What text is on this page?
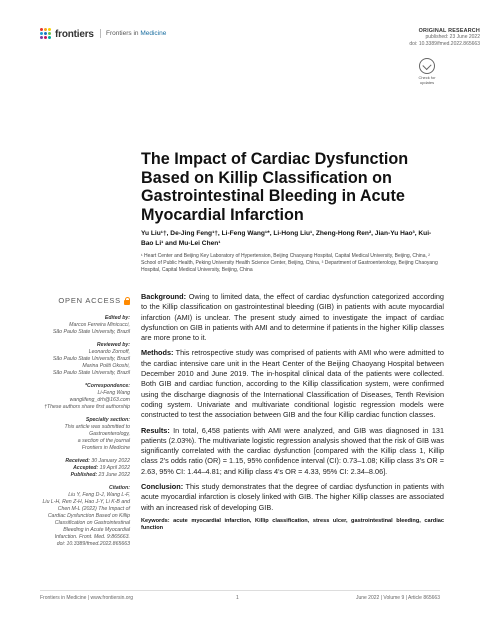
frontiers	Frontiers in Medicine	ORIGINAL RESEARCH
published: 23 June 2022
doi: 10.3389/fmed.2022.865663
Check for updates
The Impact of Cardiac Dysfunction Based on Killip Classification on Gastrointestinal Bleeding in Acute Myocardial Infarction
Yu Liu¹†, De-Jing Feng¹†, Li-Feng Wang¹*, Li-Hong Liu¹, Zheng-Hong Ren², Jian-Yu Hao³, Kui-Bao Li¹ and Mu-Lei Chen¹
¹ Heart Center and Beijing Key Laboratory of Hypertension, Beijing Chaoyang Hospital, Capital Medical University, Beijing, China, ² School of Public Health, Peking University Health Science Center, Beijing, China, ³ Department of Gastroenterology, Beijing Chaoyang Hospital, Capital Medical University, Beijing, China
OPEN ACCESS
Edited by:
Marcos Ferreira Minicucci,
São Paulo State University, Brazil
Reviewed by:
Leonardo Zornoff,
São Paulo State University, Brazil
Marina Politi Okoshi,
São Paulo State University, Brazil
*Correspondence:
Li-Feng Wang
wanglifeng_drh@163.com
†These authors share first authorship
Specialty section:
This article was submitted to
Gastroenterology,
a section of the journal
Frontiers in Medicine
Received: 30 January 2022
Accepted: 19 April 2022
Published: 23 June 2022
Citation:
Liu Y, Feng D-J, Wang L-F,
Liu L-H, Ren Z-H, Hao J-Y, Li K-B and
Chen M-L (2022) The Impact of
Cardiac Dysfunction Based on Killip
Classification on Gastrointestinal
Bleeding in Acute Myocardial
Infarction. Front. Med. 9:865663.
doi: 10.3389/fmed.2022.865663

Background: Owing to limited data, the effect of cardiac dysfunction categorized according to the Killip classification on gastrointestinal bleeding (GIB) in patients with acute myocardial infarction (AMI) is unclear. The present study aimed to investigate the impact of cardiac dysfunction on GIB in patients with AMI and to determine if patients in the higher Killip classes are more prone to it.

Methods: This retrospective study was comprised of patients with AMI who were admitted to the cardiac intensive care unit in the Heart Center of the Beijing Chaoyang Hospital between December 2010 and June 2019. The in-hospital clinical data of the patients were collected. Both GIB and cardiac function, according to the Killip classification system, were confirmed using the discharge diagnosis of the International Classification of Diseases, Tenth Revision coding system. Univariate and multivariate conditional logistic regression models were constructed to test the association between GIB and the four Killip cardiac function classes.

Results: In total, 6,458 patients with AMI were analyzed, and GIB was diagnosed in 131 patients (2.03%). The multivariate logistic regression analysis showed that the risk of GIB was significantly correlated with the cardiac dysfunction [compared with the Killip class 1, Killip class 2's odds ratio (OR) = 1.15, 95% confidence interval (CI): 0.73–1.08; Killip class 3's OR = 2.63, 95% CI: 1.44–4.81; and Killip class 4's OR = 4.33, 95% CI: 2.34–8.06].

Conclusion: This study demonstrates that the degree of cardiac dysfunction in patients with acute myocardial infarction is closely linked with GIB. The higher Killip classes are associated with an increased risk of developing GIB.

Keywords: acute myocardial infarction, Killip classification, stress ulcer, gastrointestinal bleeding, cardiac function
Frontiers in Medicine | www.frontiersin.org	1	June 2022 | Volume 9 | Article 865663
